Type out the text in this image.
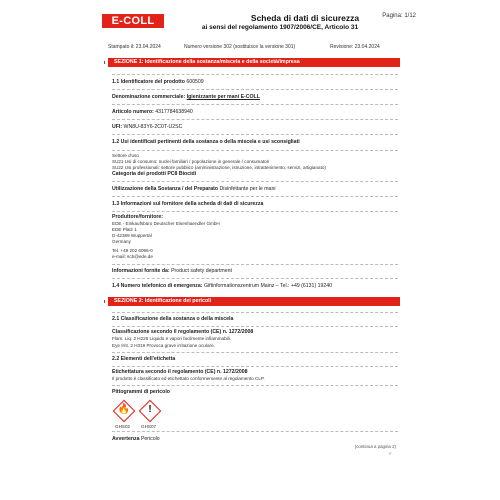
E-COLL	Scheda di dati di sicurezza
ai sensi del regolamento 1907/2006/CE, Articolo 31
Pagina: 1/12
Stampato il: 23.04.2024	Numero versione 302 (sostituisce la versione 301)	Revisione: 23.04.2024
SEZIONE 1: Identificazione della sostanza/miscela e della società/impresa
1.1 Identificatore del prodotto 600509
Denominazione commerciale: Igienizzante per mani E-COLL
Articolo numero: 4317784638940
UFI: WN8U-83Y6-2C0T-U2SC
1.2 Usi identificati pertinenti della sostanza o della miscela e usi sconsigliati
Settore d'uso
SU21 Usi di consumo: nuclei familiari / popolazione in generale / consumatori
SU22 Usi professionali: settore pubblico (amministrazione, istruzione, intrattenimento, servizi, artigianato)
Categoria dei prodotti PC8 Biocidi
Utilizzazione della Sostanza / del Preparato Disinfettante per le mani
1.3 Informazioni sul fornitore della scheda di dati di sicurezza
Produttore/fornitore:
EDE - Einkaufsbüro Deutscher Eisenhaendler GmbH
EDE Platz 1
D-42389 Wuppertal
Germany
Tel. +49 202 6096-0
e-mail: scb@ede.de
Informazioni fornite da: Product safety department
1.4 Numero telefonico di emergenza: Giftinformationszentrum Mainz – Tel.: +49 (6131) 19240
SEZIONE 2: Identificazione dei pericoli
2.1 Classificazione della sostanza o della miscela
Classificazione secondo il regolamento (CE) n. 1272/2008
Flam. Liq. 2 H225 Liquido e vapori facilmente infiammabili.
Eye Irrit. 2 H319 Provoca grave irritazione oculare.
2.2 Elementi dell'etichetta
Etichettatura secondo il regolamento (CE) n. 1272/2008
Il prodotto è classificato ed etichettato conformemente al regolamento CLP.
Pittogrammi di pericolo
🔥	!
GHS02 GHS07
Avvertenza Pericolo
(continua a pagina 2)
IT
